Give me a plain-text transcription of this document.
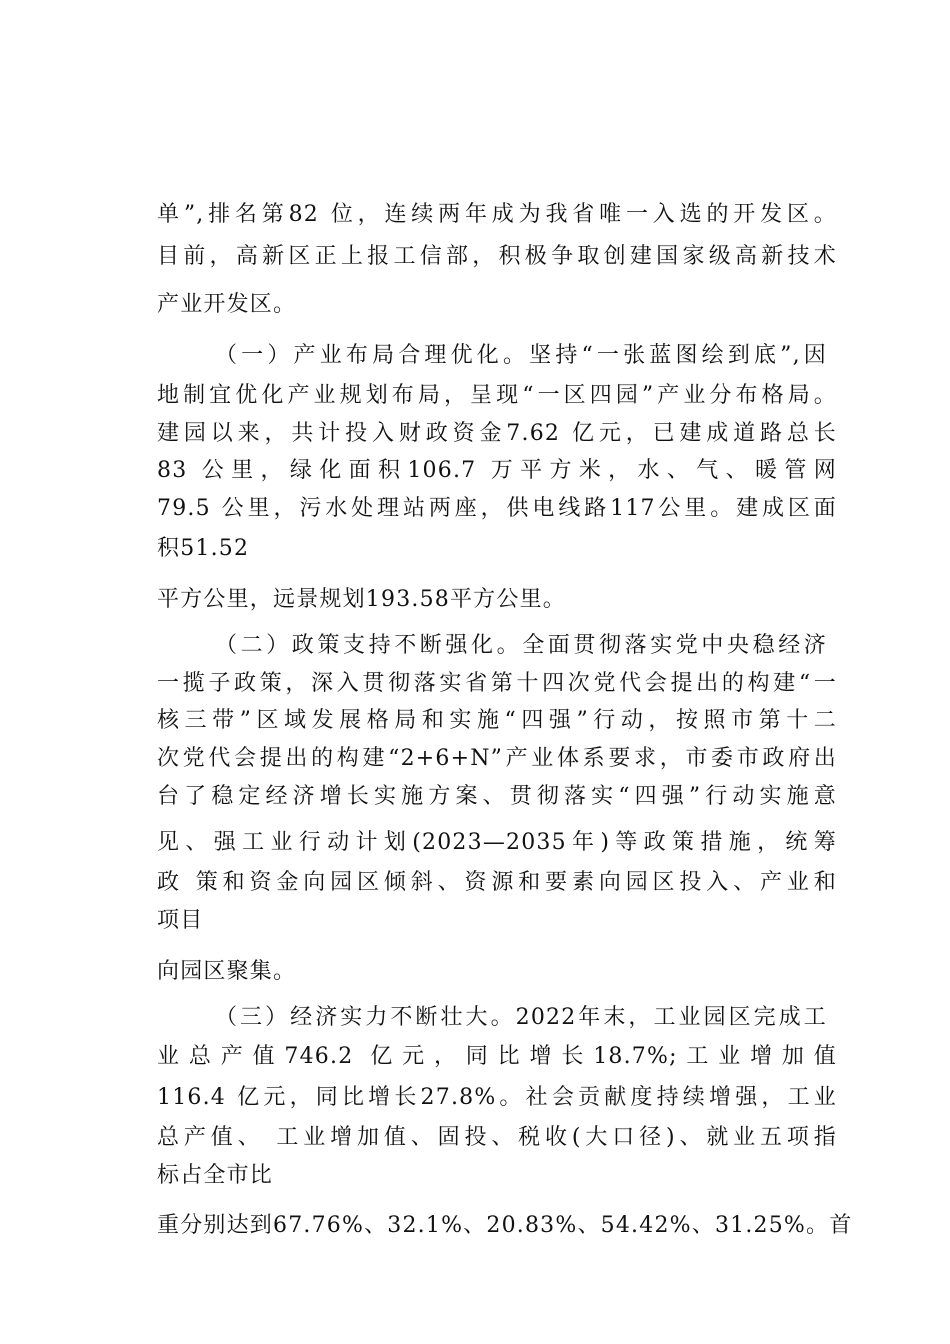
单”,排名第82 位，连续两年成为我省唯一入选的开发区。
目前，高新区正上报工信部，积极争取创建国家级高新技术
产业开发区。
（一）产业布局合理优化。坚持“一张蓝图绘到底”,因
地制宜优化产业规划布局，呈现“一区四园”产业分布格局。
建园以来，共计投入财政资金7.62 亿元，已建成道路总长
83 公里，绿化面积106.7 万平方米，水、气、暖管网
79.5 公里，污水处理站两座，供电线路117公里。建成区面
积51.52
平方公里，远景规划193.58平方公里。
（二）政策支持不断强化。全面贯彻落实党中央稳经济
一揽子政策，深入贯彻落实省第十四次党代会提出的构建“一
核三带”区域发展格局和实施“四强”行动，按照市第十二
次党代会提出的构建“2+6+N”产业体系要求，市委市政府出
台了稳定经济增长实施方案、贯彻落实“四强”行动实施意
见、强工业行动计划(2023—2035年)等政策措施，统筹
政 策和资金向园区倾斜、资源和要素向园区投入、产业和
项目
向园区聚集。
（三）经济实力不断壮大。2022年末，工业园区完成工
业总产值746.2 亿元，同比增长18.7%;工业增加值
116.4 亿元，同比增长27.8%。社会贡献度持续增强，工业
总产值、 工业增加值、固投、税收(大口径)、就业五项指
标占全市比
重分别达到67.76%、32.1%、20.83%、54.42%、31.25%。首
